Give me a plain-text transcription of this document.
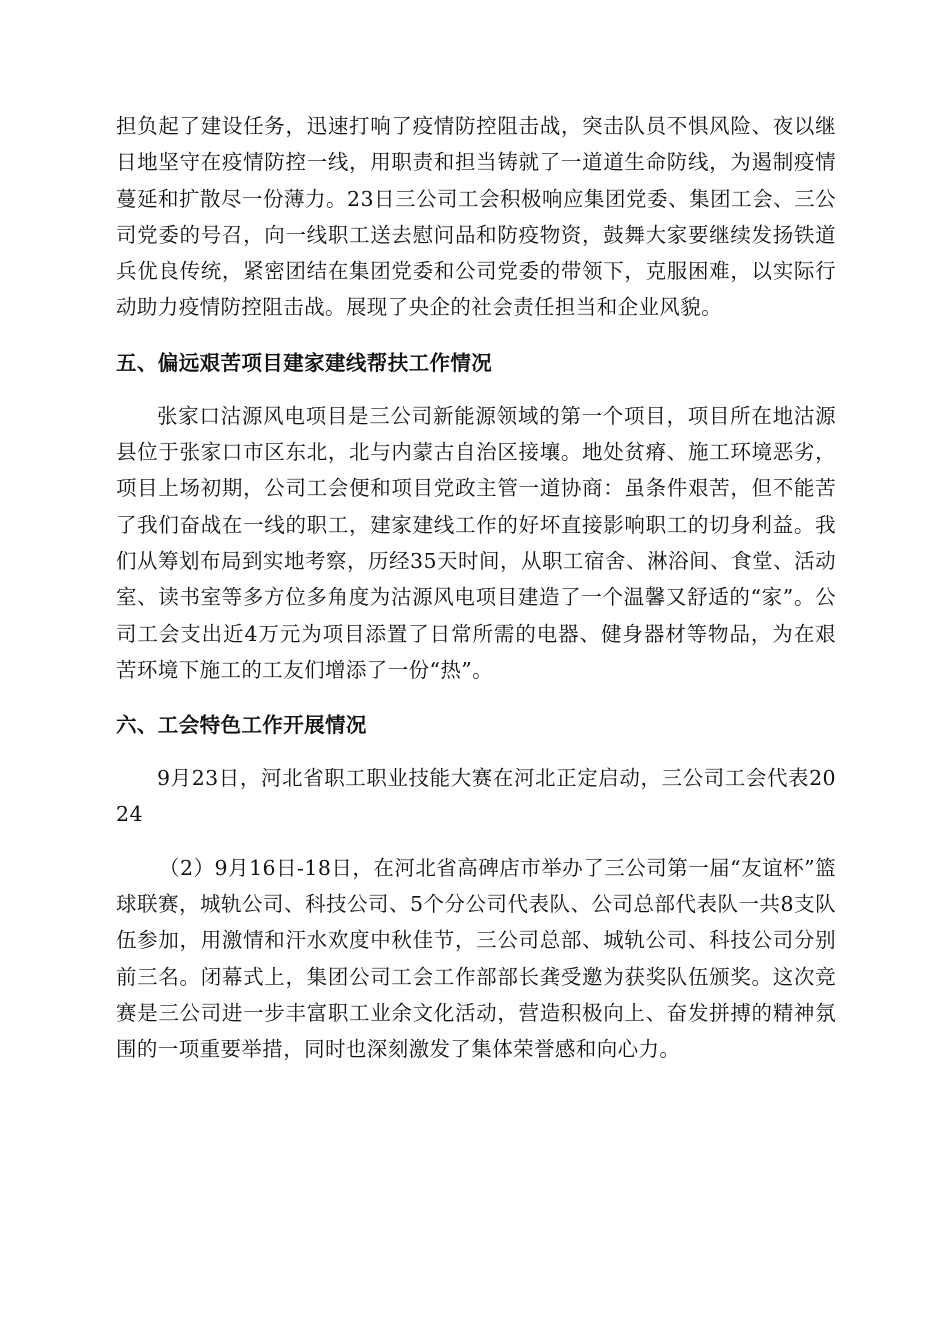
担负起了建设任务，迅速打响了疫情防控阻击战，突击队员不惧风险、夜以继日地坚守在疫情防控一线，用职责和担当铸就了一道道生命防线，为遏制疫情蔓延和扩散尽一份薄力。23日三公司工会积极响应集团党委、集团工会、三公司党委的号召，向一线职工送去慰问品和防疫物资，鼓舞大家要继续发扬铁道兵优良传统，紧密团结在集团党委和公司党委的带领下，克服困难，以实际行动助力疫情防控阻击战。展现了央企的社会责任担当和企业风貌。

五、偏远艰苦项目建家建线帮扶工作情况

张家口沽源风电项目是三公司新能源领域的第一个项目，项目所在地沽源县位于张家口市区东北，北与内蒙古自治区接壤。地处贫瘠、施工环境恶劣，项目上场初期，公司工会便和项目党政主管一道协商：虽条件艰苦，但不能苦了我们奋战在一线的职工，建家建线工作的好坏直接影响职工的切身利益。我们从筹划布局到实地考察，历经35天时间，从职工宿舍、淋浴间、食堂、活动室、读书室等多方位多角度为沽源风电项目建造了一个温馨又舒适的“家”。公司工会支出近4万元为项目添置了日常所需的电器、健身器材等物品，为在艰苦环境下施工的工友们增添了一份“热”。

六、工会特色工作开展情况

9月23日，河北省职工职业技能大赛在河北正定启动，三公司工会代表2024

（2）9月16日-18日，在河北省高碑店市举办了三公司第一届“友谊杯”篮球联赛，城轨公司、科技公司、5个分公司代表队、公司总部代表队一共8支队伍参加，用激情和汗水欢度中秋佳节，三公司总部、城轨公司、科技公司分别前三名。闭幕式上，集团公司工会工作部部长龚受邀为获奖队伍颁奖。这次竞赛是三公司进一步丰富职工业余文化活动，营造积极向上、奋发拼搏的精神氛围的一项重要举措，同时也深刻激发了集体荣誉感和向心力。
